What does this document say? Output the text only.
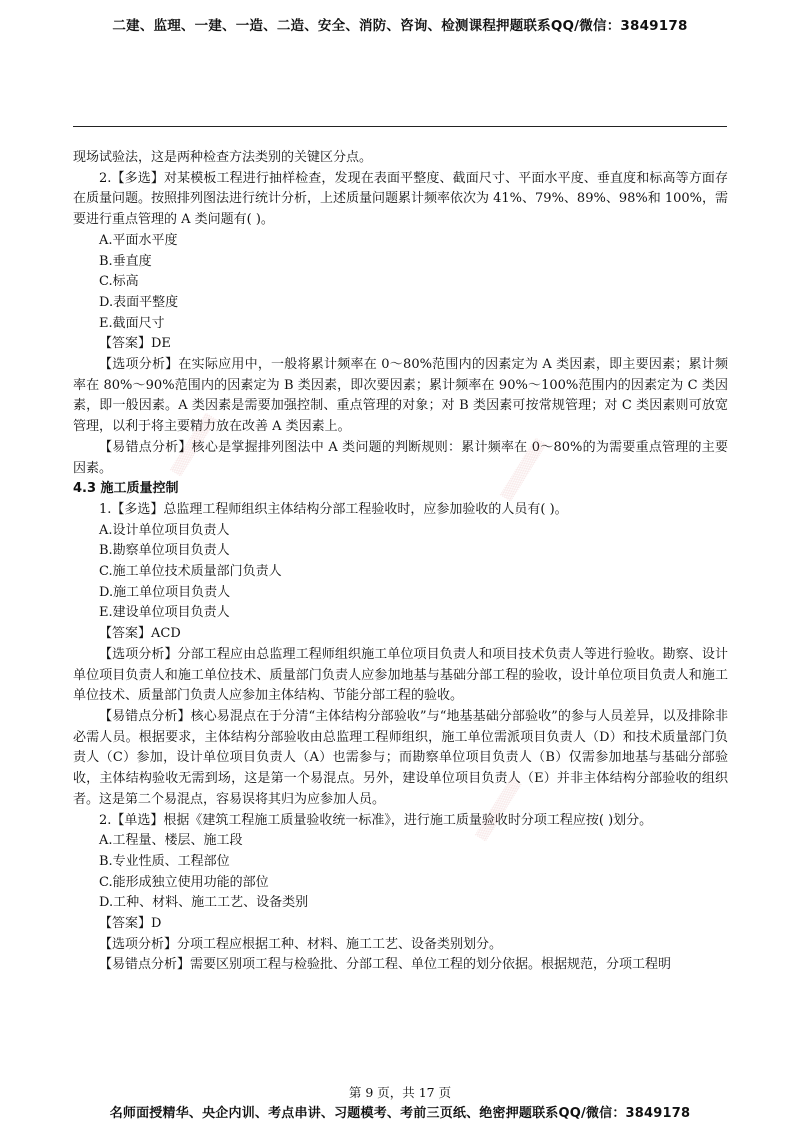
二建、监理、一建、一造、二造、安全、消防、咨询、检测课程押题联系QQ/微信：3849178

现场试验法，这是两种检查方法类别的关键区分点。

2.【多选】对某模板工程进行抽样检查，发现在表面平整度、截面尺寸、平面水平度、垂直度和标高等方面存在质量问题。按照排列图法进行统计分析，上述质量问题累计频率依次为 41%、79%、89%、98%和 100%，需要进行重点管理的 A 类问题有( )。

A.平面水平度

B.垂直度

C.标高

D.表面平整度

E.截面尺寸

【答案】DE

【选项分析】在实际应用中，一般将累计频率在 0～80%范围内的因素定为 A 类因素，即主要因素；累计频率在 80%～90%范围内的因素定为 B 类因素，即次要因素；累计频率在 90%～100%范围内的因素定为 C 类因素，即一般因素。A 类因素是需要加强控制、重点管理的对象；对 B 类因素可按常规管理；对 C 类因素则可放宽管理，以利于将主要精力放在改善 A 类因素上。

【易错点分析】核心是掌握排列图法中 A 类问题的判断规则：累计频率在 0～80%的为需要重点管理的主要因素。

4.3 施工质量控制

1.【多选】总监理工程师组织主体结构分部工程验收时，应参加验收的人员有( )。

A.设计单位项目负责人

B.勘察单位项目负责人

C.施工单位技术质量部门负责人

D.施工单位项目负责人

E.建设单位项目负责人

【答案】ACD

【选项分析】分部工程应由总监理工程师组织施工单位项目负责人和项目技术负责人等进行验收。勘察、设计单位项目负责人和施工单位技术、质量部门负责人应参加地基与基础分部工程的验收，设计单位项目负责人和施工单位技术、质量部门负责人应参加主体结构、节能分部工程的验收。

【易错点分析】核心易混点在于分清“主体结构分部验收”与“地基基础分部验收”的参与人员差异，以及排除非必需人员。根据要求，主体结构分部验收由总监理工程师组织，施工单位需派项目负责人（D）和技术质量部门负责人（C）参加，设计单位项目负责人（A）也需参与；而勘察单位项目负责人（B）仅需参加地基与基础分部验收，主体结构验收无需到场，这是第一个易混点。另外，建设单位项目负责人（E）并非主体结构分部验收的组织者。这是第二个易混点，容易误将其归为应参加人员。

2.【单选】根据《建筑工程施工质量验收统一标准》，进行施工质量验收时分项工程应按( )划分。

A.工程量、楼层、施工段

B.专业性质、工程部位

C.能形成独立使用功能的部位

D.工种、材料、施工工艺、设备类别

【答案】D

【选项分析】分项工程应根据工种、材料、施工工艺、设备类别划分。

【易错点分析】需要区别项工程与检验批、分部工程、单位工程的划分依据。根据规范，分项工程明

▒▒▒▒▒▒▒▒	▒▒▒▒▒▒▒▒
▒▒▒▒▒▒▒▒
第 9 页，共 17 页
名师面授精华、央企内训、考点串讲、习题模考、考前三页纸、绝密押题联系QQ/微信：3849178
